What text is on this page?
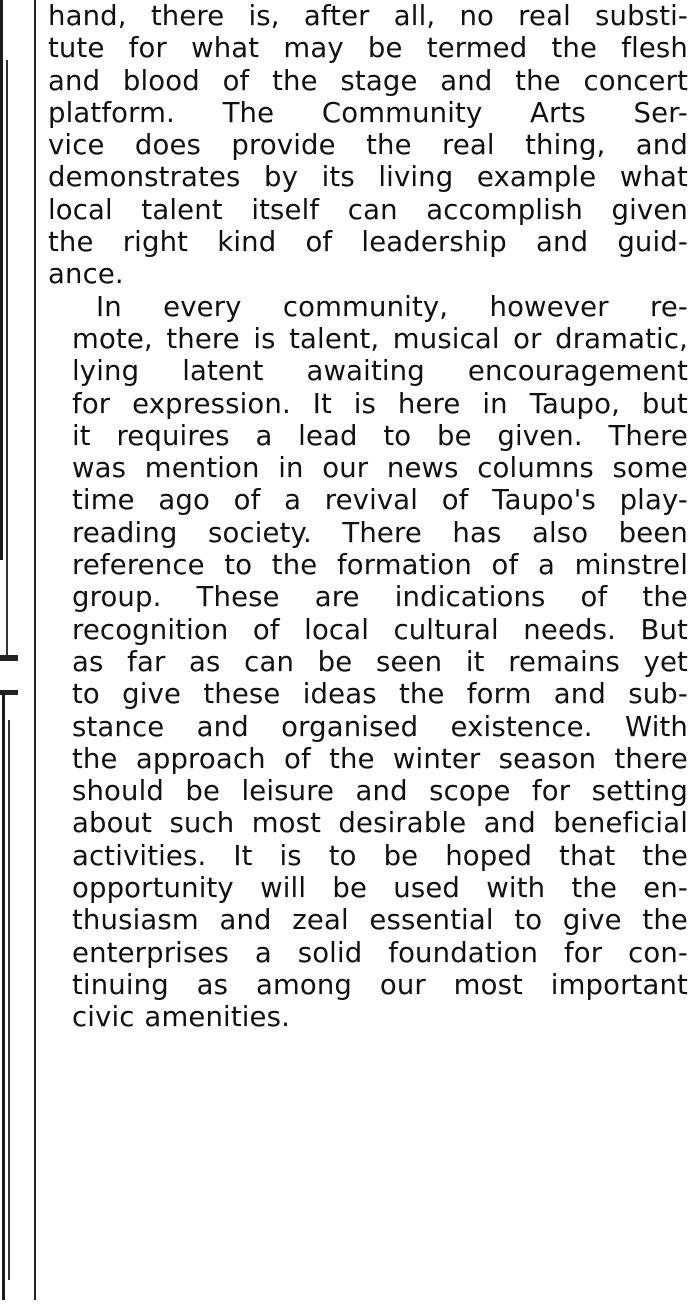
hand, there is, after all, no real substi-
tute for what may be termed the flesh
and blood of the stage and the concert
platform. The Community Arts Ser-
vice does provide the real thing, and
demonstrates by its living example what
local talent itself can accomplish given
the right kind of leadership and guid-
ance.

In every community, however re-
mote, there is talent, musical or dramatic,
lying latent awaiting encouragement
for expression. It is here in Taupo, but
it requires a lead to be given. There
was mention in our news columns some
time ago of a revival of Taupo's play-
reading society. There has also been
reference to the formation of a minstrel
group. These are indications of the
recognition of local cultural needs. But
as far as can be seen it remains yet
to give these ideas the form and sub-
stance and organised existence. With
the approach of the winter season there
should be leisure and scope for setting
about such most desirable and beneficial
activities. It is to be hoped that the
opportunity will be used with the en-
thusiasm and zeal essential to give the
enterprises a solid foundation for con-
tinuing as among our most important
civic amenities.
